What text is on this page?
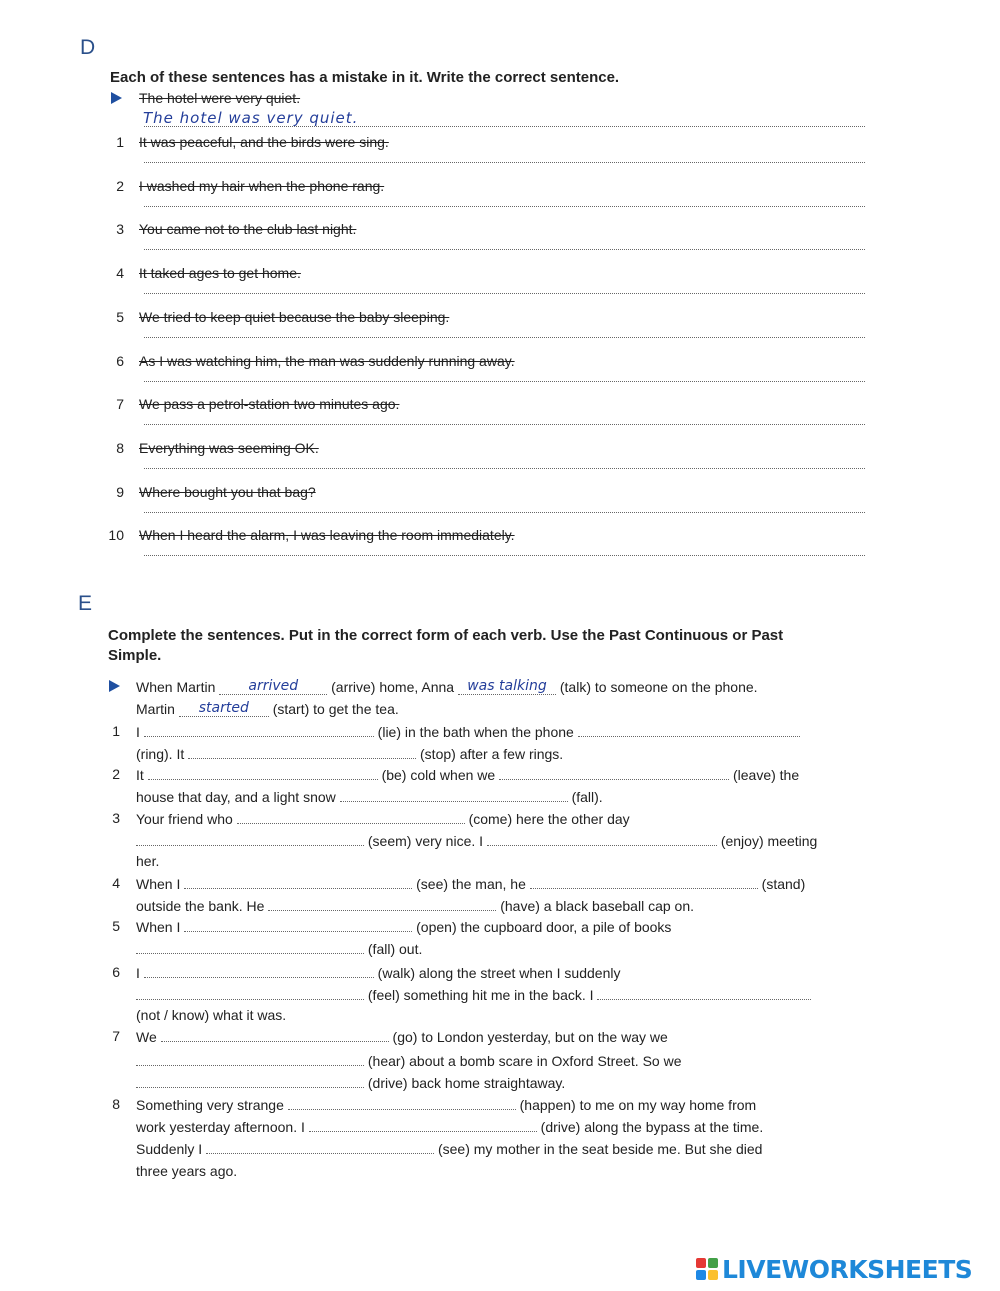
D
Each of these sentences has a mistake in it. Write the correct sentence.
The hotel were very quiet.
The hotel was very quiet.
1 It was peaceful, and the birds were sing.
2 I washed my hair when the phone rang.
3 You came not to the club last night.
4 It taked ages to get home.
5 We tried to keep quiet because the baby sleeping.
6 As I was watching him, the man was suddenly running away.
7 We pass a petrol-station two minutes ago.
8 Everything was seeming OK.
9 Where bought you that bag?
10 When I heard the alarm, I was leaving the room immediately.
E
Complete the sentences. Put in the correct form of each verb. Use the Past Continuous or Past
Simple.
When Martin arrived (arrive) home, Anna was talking (talk) to someone on the phone.
Martin started (start) to get the tea.
1 I	(lie) in the bath when the phone
(ring). It	(stop) after a few rings.
2 It	(be) cold when we	(leave) the
house that day, and a light snow	(fall).
3 Your friend who	(come) here the other day
(seem) very nice. I	(enjoy) meeting
her.
4 When I	(see) the man, he	(stand)
outside the bank. He	(have) a black baseball cap on.
5 When I	(open) the cupboard door, a pile of books
(fall) out.
6 I	(walk) along the street when I suddenly
(feel) something hit me in the back. I
(not / know) what it was.
7 We	(go) to London yesterday, but on the way we
(hear) about a bomb scare in Oxford Street. So we
(drive) back home straightaway.
8 Something very strange	(happen) to me on my way home from
work yesterday afternoon. I	(drive) along the bypass at the time.
Suddenly I	(see) my mother in the seat beside me. But she died
three years ago.
LIVEWORKSHEETS
